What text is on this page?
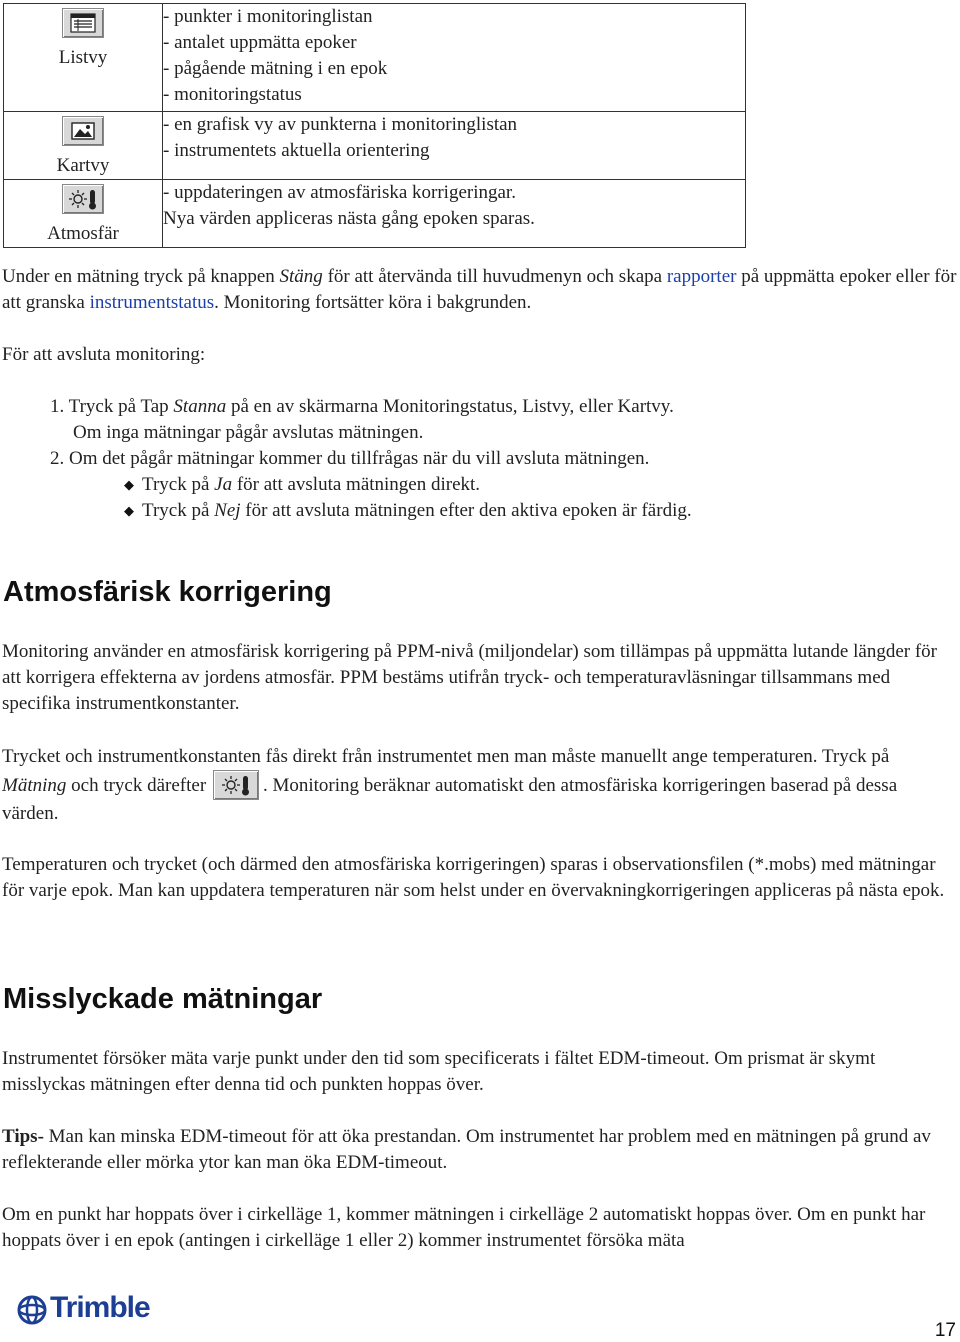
Listvy	- punkter i monitoringlistan
- antalet uppmätta epoker
- pågående mätning i en epok
- monitoringstatus

Kartvy	- en grafisk vy av punkterna i monitoringlistan
- instrumentets aktuella orientering

Atmosfär	- uppdateringen av atmosfäriska korrigeringar.
Nya värden appliceras nästa gång epoken sparas.

Under en mätning tryck på knappen Stäng för att återvända till huvudmenyn och skapa rapporter på uppmätta epoker eller för att granska instrumentstatus. Monitoring fortsätter köra i bakgrunden.

För att avsluta monitoring:

1. Tryck på Tap Stanna på en av skärmarna Monitoringstatus, Listvy, eller Kartvy.

Om inga mätningar pågår avslutas mätningen.

2. Om det pågår mätningar kommer du tillfrågas när du vill avsluta mätningen.

◆ Tryck på Ja för att avsluta mätningen direkt.

◆ Tryck på Nej för att avsluta mätningen efter den aktiva epoken är färdig.

Atmosfärisk korrigering

Monitoring använder en atmosfärisk korrigering på PPM-nivå (miljondelar) som tillämpas på uppmätta lutande längder för att korrigera effekterna av jordens atmosfär. PPM bestäms utifrån tryck- och temperaturavläsningar tillsammans med specifika instrumentkonstanter.

Trycket och instrumentkonstanten fås direkt från instrumentet men man måste manuellt ange temperaturen. Tryck på Mätning och tryck därefter	. Monitoring beräknar automatiskt den atmosfäriska korrigeringen baserad på dessa värden.

Temperaturen och trycket (och därmed den atmosfäriska korrigeringen) sparas i observationsfilen (*.mobs) med mätningar för varje epok. Man kan uppdatera temperaturen när som helst under en övervakningkorrigeringen appliceras på nästa epok.

Misslyckade mätningar

Instrumentet försöker mäta varje punkt under den tid som specificerats i fältet EDM-timeout. Om prismat är skymt misslyckas mätningen efter denna tid och punkten hoppas över.

Tips- Man kan minska EDM-timeout för att öka prestandan. Om instrumentet har problem med en mätningen på grund av reflekterande eller mörka ytor kan man öka EDM-timeout.

Om en punkt har hoppats över i cirkelläge 1, kommer mätningen i cirkelläge 2 automatiskt hoppas över. Om en punkt har hoppats över i en epok (antingen i cirkelläge 1 eller 2) kommer instrumentet försöka mäta

Trimble
17
